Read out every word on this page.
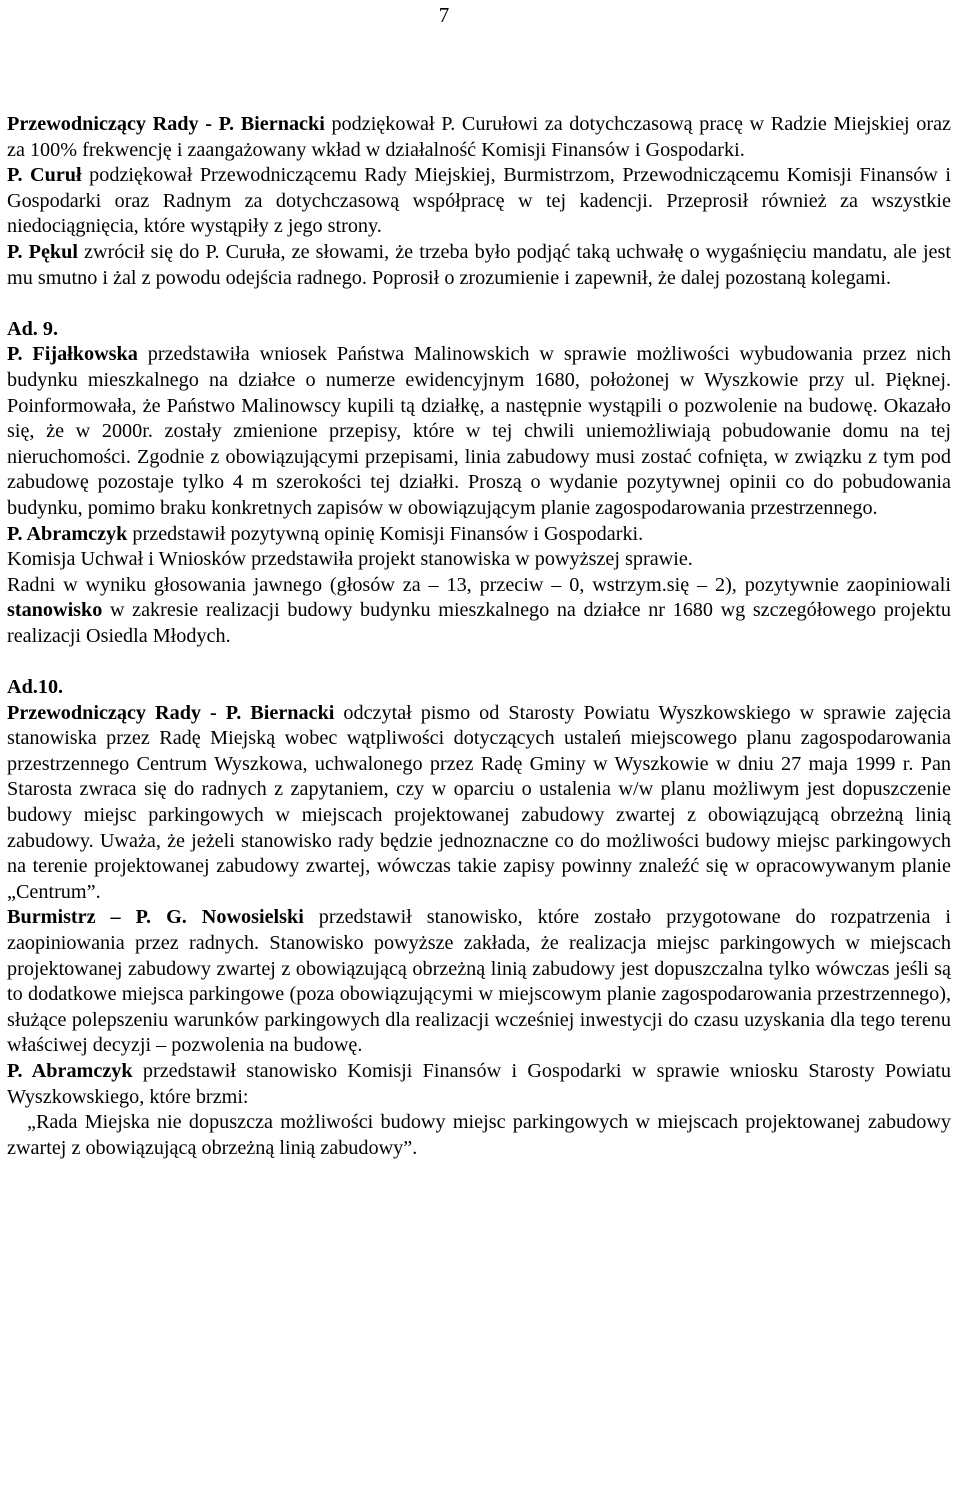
7

Przewodniczący Rady - P. Biernacki podziękował P. Curułowi za dotychczasową pracę w Radzie Miejskiej oraz za 100% frekwencję i zaangażowany wkład w działalność Komisji Finansów i Gospodarki.

P. Curuł podziękował Przewodniczącemu Rady Miejskiej, Burmistrzom, Przewodniczącemu Komisji Finansów i Gospodarki oraz Radnym za dotychczasową współpracę w tej kadencji. Przeprosił również za wszystkie niedociągnięcia, które wystąpiły z jego strony.

P. Pękul zwrócił się do P. Curuła, ze słowami, że trzeba było podjąć taką uchwałę o wygaśnięciu mandatu, ale jest mu smutno i żal z powodu odejścia radnego. Poprosił o zrozumienie i zapewnił, że dalej pozostaną kolegami.

Ad. 9.

P. Fijałkowska przedstawiła wniosek Państwa Malinowskich w sprawie możliwości wybudowania przez nich budynku mieszkalnego na działce o numerze ewidencyjnym 1680, położonej w Wyszkowie przy ul. Pięknej. Poinformowała, że Państwo Malinowscy kupili tą działkę, a następnie wystąpili o pozwolenie na budowę. Okazało się, że w 2000r. zostały zmienione przepisy, które w tej chwili uniemożliwiają pobudowanie domu na tej nieruchomości. Zgodnie z obowiązującymi przepisami, linia zabudowy musi zostać cofnięta, w związku z tym pod zabudowę pozostaje tylko 4 m szerokości tej działki. Proszą o wydanie pozytywnej opinii co do pobudowania budynku, pomimo braku konkretnych zapisów w obowiązującym planie zagospodarowania przestrzennego.

P. Abramczyk przedstawił pozytywną opinię Komisji Finansów i Gospodarki.

Komisja Uchwał i Wniosków przedstawiła projekt stanowiska w powyższej sprawie.

Radni w wyniku głosowania jawnego (głosów za – 13, przeciw – 0, wstrzym.się – 2), pozytywnie zaopiniowali stanowisko w zakresie realizacji budowy budynku mieszkalnego na działce nr 1680 wg szczegółowego projektu realizacji Osiedla Młodych.

Ad.10.

Przewodniczący Rady - P. Biernacki odczytał pismo od Starosty Powiatu Wyszkowskiego w sprawie zajęcia stanowiska przez Radę Miejską wobec wątpliwości dotyczących ustaleń miejscowego planu zagospodarowania przestrzennego Centrum Wyszkowa, uchwalonego przez Radę Gminy w Wyszkowie w dniu 27 maja 1999 r. Pan Starosta zwraca się do radnych z zapytaniem, czy w oparciu o ustalenia w/w planu możliwym jest dopuszczenie budowy miejsc parkingowych w miejscach projektowanej zabudowy zwartej z obowiązującą obrzeżną linią zabudowy. Uważa, że jeżeli stanowisko rady będzie jednoznaczne co do możliwości budowy miejsc parkingowych na terenie projektowanej zabudowy zwartej, wówczas takie zapisy powinny znaleźć się w opracowywanym planie „Centrum”.

Burmistrz – P. G. Nowosielski przedstawił stanowisko, które zostało przygotowane do rozpatrzenia i zaopiniowania przez radnych. Stanowisko powyższe zakłada, że realizacja miejsc parkingowych w miejscach projektowanej zabudowy zwartej z obowiązującą obrzeżną linią zabudowy jest dopuszczalna tylko wówczas jeśli są to dodatkowe miejsca parkingowe (poza obowiązującymi w miejscowym planie zagospodarowania przestrzennego), służące polepszeniu warunków parkingowych dla realizacji wcześniej inwestycji do czasu uzyskania dla tego terenu właściwej decyzji – pozwolenia na budowę.

P. Abramczyk przedstawił stanowisko Komisji Finansów i Gospodarki w sprawie wniosku Starosty Powiatu Wyszkowskiego, które brzmi:

„Rada Miejska nie dopuszcza możliwości budowy miejsc parkingowych w miejscach projektowanej zabudowy zwartej z obowiązującą obrzeżną linią zabudowy”.
